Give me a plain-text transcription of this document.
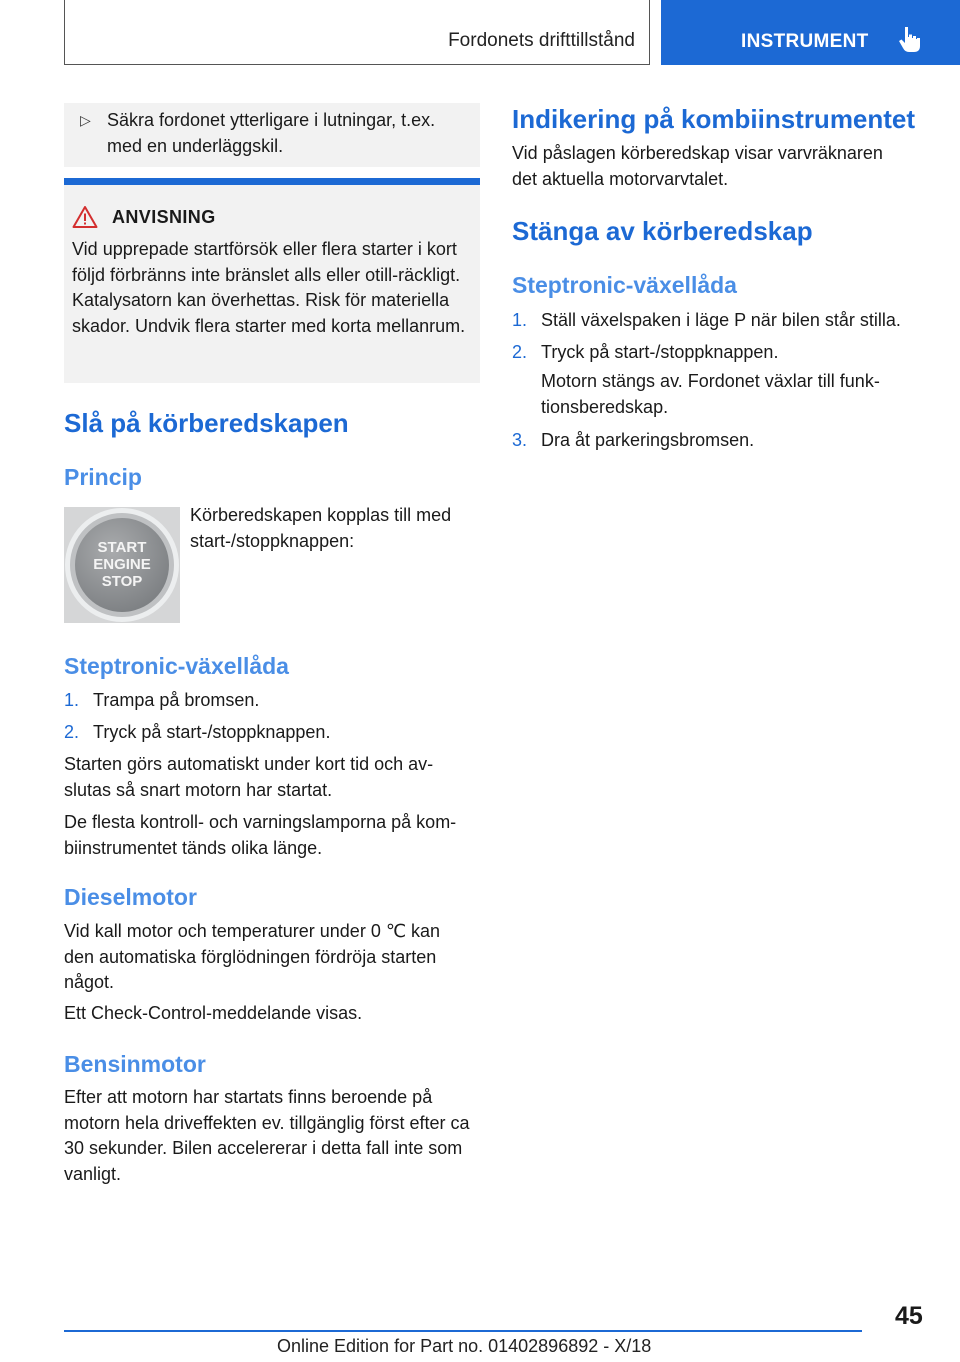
Fordonets drifttillstånd	INSTRUMENT
▷ Säkra fordonet ytterligare i lutningar, t.ex. med en underläggskil.

ANVISNING

Vid upprepade startförsök eller flera starter i kort följd förbränns inte bränslet alls eller otill-räckligt. Katalysatorn kan överhettas. Risk för materiella skador. Undvik flera starter med korta mellanrum.

Slå på körberedskapen
Princip
START
ENGINE
STOP

Körberedskapen kopplas till med start-/stoppknappen:

Steptronic-växellåda
1. Trampa på bromsen.
2. Tryck på start-/stoppknappen.

Starten görs automatiskt under kort tid och av-slutas så snart motorn har startat.

De flesta kontroll- och varningslamporna på kom-biinstrumentet tänds olika länge.

Dieselmotor

Vid kall motor och temperaturer under 0 ℃ kan den automatiska förglödningen fördröja starten något.

Ett Check-Control-meddelande visas.

Bensinmotor

Efter att motorn har startats finns beroende på motorn hela driveffekten ev. tillgänglig först efter ca 30 sekunder. Bilen accelererar i detta fall inte som vanligt.

Indikering på kombiinstrumentet

Vid påslagen körberedskap visar varvräknaren det aktuella motorvarvtalet.

Stänga av körberedskap
Steptronic-växellåda
1. Ställ växelspaken i läge P när bilen står stilla.
2. Tryck på start-/stoppknappen.

Motorn stängs av. Fordonet växlar till funk-tionsberedskap.

3. Dra åt parkeringsbromsen.
45
Online Edition for Part no. 01402896892 - X/18
